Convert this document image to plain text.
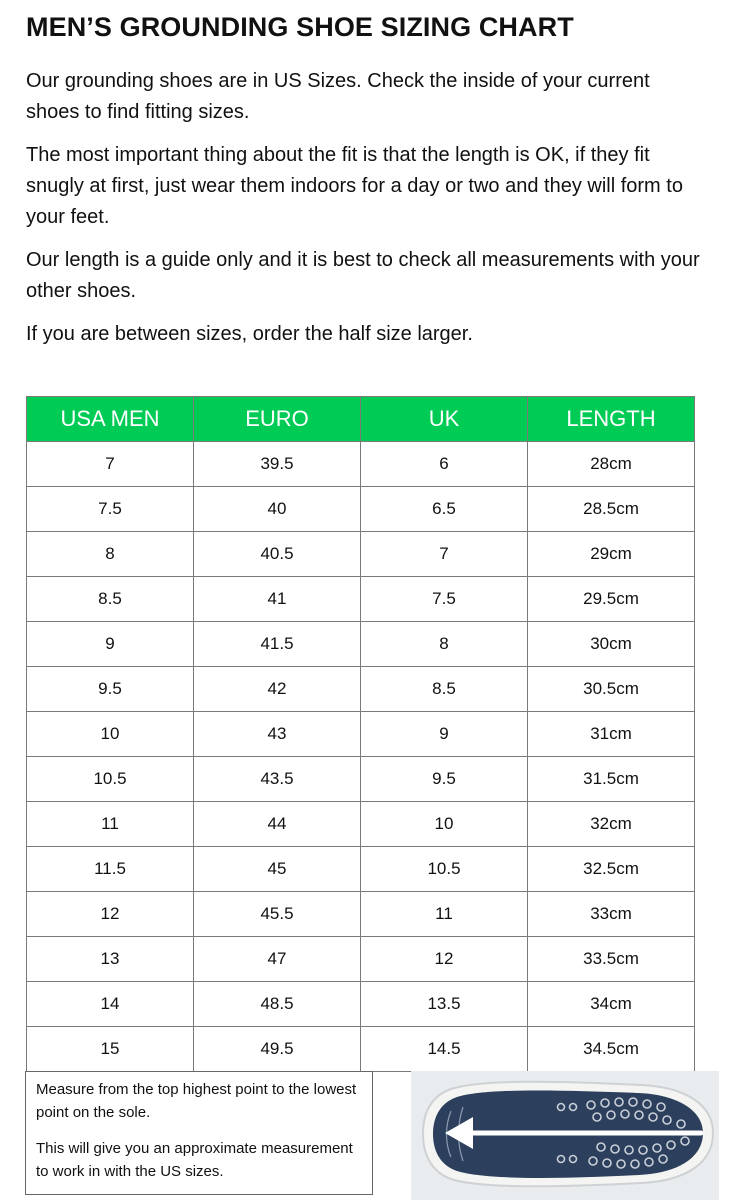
MEN’S GROUNDING SHOE SIZING CHART

Our grounding shoes are in US Sizes. Check the inside of your current shoes to find fitting sizes.

The most important thing about the fit is that the length is OK, if they fit snugly at first, just wear them indoors for a day or two and they will form to your feet.

Our length is a guide only and it is best to check all measurements with your other shoes.

If you are between sizes, order the half size larger.

USA MEN	EURO	UK	LENGTH
7	39.5	6	28cm
7.5	40	6.5	28.5cm
8	40.5	7	29cm
8.5	41	7.5	29.5cm
9	41.5	8	30cm
9.5	42	8.5	30.5cm
10	43	9	31cm
10.5	43.5	9.5	31.5cm
11	44	10	32cm
11.5	45	10.5	32.5cm
12	45.5	11	33cm
13	47	12	33.5cm
14	48.5	13.5	34cm
15	49.5	14.5	34.5cm

Measure from the top highest point to the lowest point on the sole.

This will give you an approximate measurement to work in with the US sizes.
